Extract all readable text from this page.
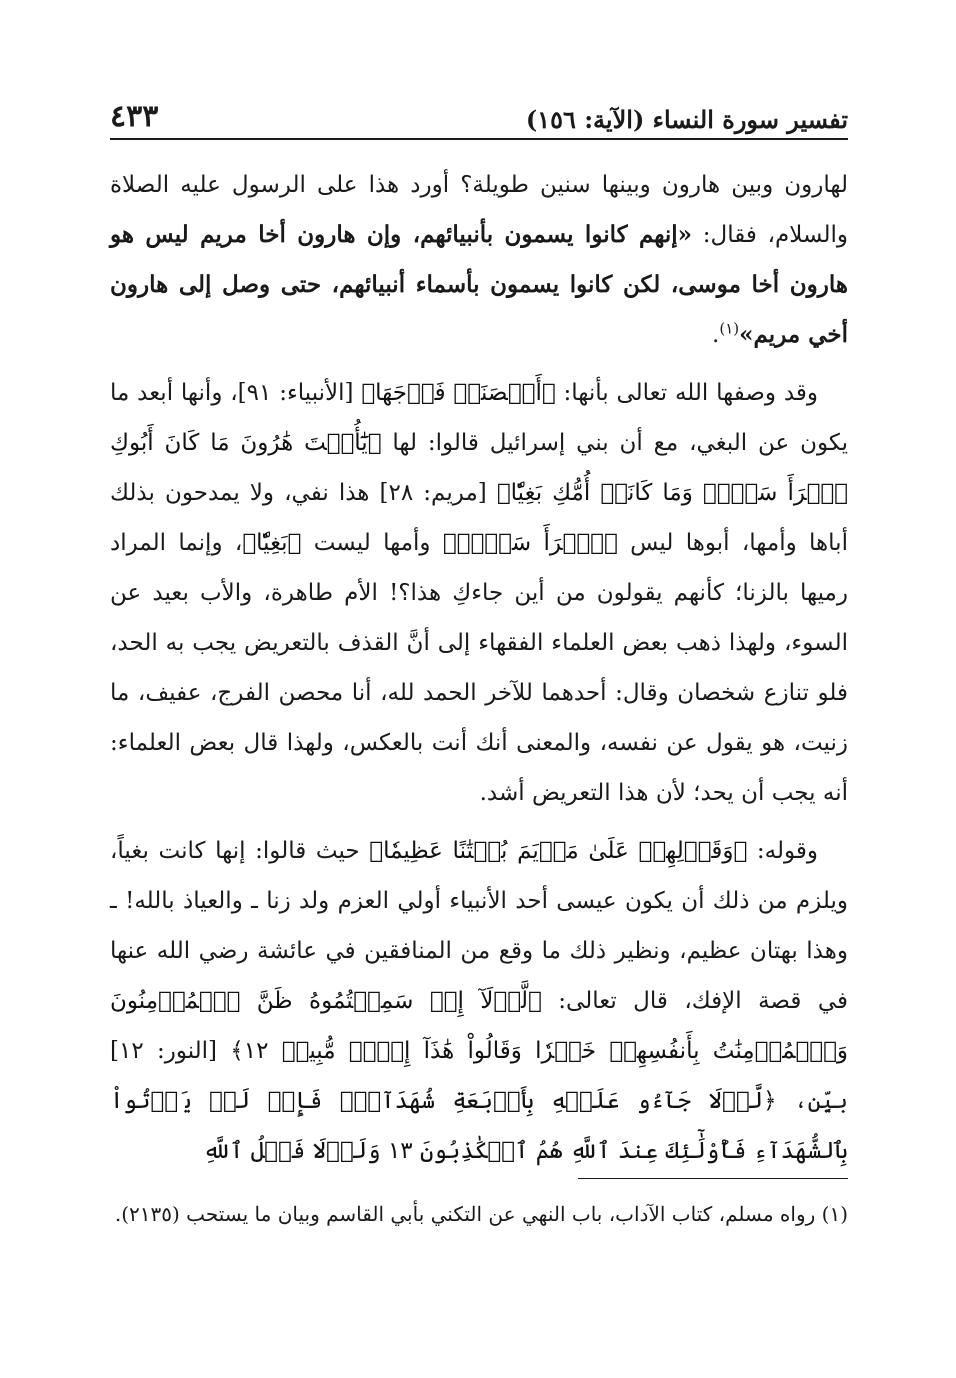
تفسير سورة النساء (الآية: ١٥٦)
٤٣٣

لهارون وبين هارون وبينها سنين طويلة؟ أورد هذا على الرسول عليه الصلاة والسلام، فقال: «إنهم كانوا يسمون بأنبيائهم، وإن هارون أخا مريم ليس هو هارون أخا موسى، لكن كانوا يسمون بأسماء أنبيائهم، حتى وصل إلى هارون أخي مريم»$^{(١)}$.

وقد وصفها الله تعالى بأنها: ﴿أَحۡصَنَتۡ فَرۡجَهَا﴾ [الأنبياء: ٩١]، وأنها أبعد ما يكون عن البغي، مع أن بني إسرائيل قالوا: لها ﴿يَٰٓأُخۡتَ هَٰرُونَ مَا كَانَ أَبُوكِ ٱمۡرَأَ سَوۡءٖ وَمَا كَانَتۡ أُمُّكِ بَغِيّٗا﴾ [مريم: ٢٨] هذا نفي، ولا يمدحون بذلك أباها وأمها، أبوها ليس ﴿ٱمۡرَأَ سَوۡءٖ﴾ وأمها ليست ﴿بَغِيّٗا﴾، وإنما المراد رميها بالزنا؛ كأنهم يقولون من أين جاءكِ هذا؟! الأم طاهرة، والأب بعيد عن السوء، ولهذا ذهب بعض العلماء الفقهاء إلى أنَّ القذف بالتعريض يجب به الحد، فلو تنازع شخصان وقال: أحدهما للآخر الحمد لله، أنا محصن الفرج، عفيف، ما زنيت، هو يقول عن نفسه، والمعنى أنك أنت بالعكس، ولهذا قال بعض العلماء: أنه يجب أن يحد؛ لأن هذا التعريض أشد.

وقوله: ﴿وَقَوۡلِهِمۡ عَلَىٰ مَرۡيَمَ بُهۡتَٰنًا عَظِيمٗا﴾ حيث قالوا: إنها كانت بغياً، ويلزم من ذلك أن يكون عيسى أحد الأنبياء أولي العزم ولد زنا ـ والعياذ بالله! ـ وهذا بهتان عظيم، ونظير ذلك ما وقع من المنافقين في عائشة رضي الله عنها في قصة الإفك، قال تعالى: ﴿لَّوۡلَآ إِذۡ سَمِعۡتُمُوهُ ظَنَّ ٱلۡمُؤۡمِنُونَ وَٱلۡمُؤۡمِنَٰتُ بِأَنفُسِهِمۡ خَيۡرٗا وَقَالُواْ هَٰذَآ إِفۡكٞ مُّبِينٞ ١٢﴾ [النور: ١٢] بيِّن، ﴿لَّوۡلَا جَآءُو عَلَيۡهِ بِأَرۡبَعَةِ شُهَدَآءَۚ فَإِذۡ لَمۡ يَأۡتُواْ بِٱلشُّهَدَآءِ فَأُوْلَٰٓئِكَ عِندَ ٱللَّهِ هُمُ ٱلۡكَٰذِبُونَ ١٣ وَلَوۡلَا فَضۡلُ ٱللَّهِ

(١) رواه مسلم، كتاب الآداب، باب النهي عن التكني بأبي القاسم وبيان ما يستحب (٢١٣٥).
